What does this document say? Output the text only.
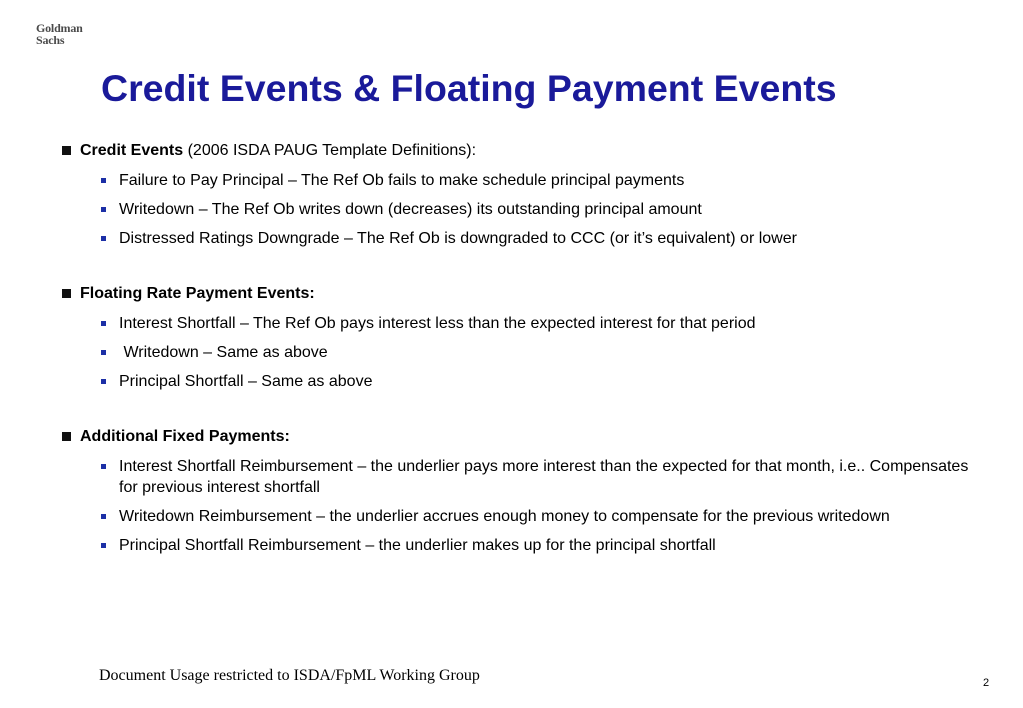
Goldman
Sachs
Credit Events & Floating Payment Events
Credit Events (2006 ISDA PAUG Template Definitions):
Failure to Pay Principal – The Ref Ob fails to make schedule principal payments
Writedown – The Ref Ob writes down (decreases) its outstanding principal amount
Distressed Ratings Downgrade – The Ref Ob is downgraded to CCC (or it’s equivalent) or lower
Floating Rate Payment Events:
Interest Shortfall – The Ref Ob pays interest less than the expected interest for that period
Writedown – Same as above
Principal Shortfall – Same as above
Additional Fixed Payments:
Interest Shortfall Reimbursement – the underlier pays more interest than the expected for that month, i.e.. Compensates for previous interest shortfall
Writedown Reimbursement – the underlier accrues enough money to compensate for the previous writedown
Principal Shortfall Reimbursement – the underlier makes up for the principal shortfall
Document Usage restricted to ISDA/FpML Working Group	2
